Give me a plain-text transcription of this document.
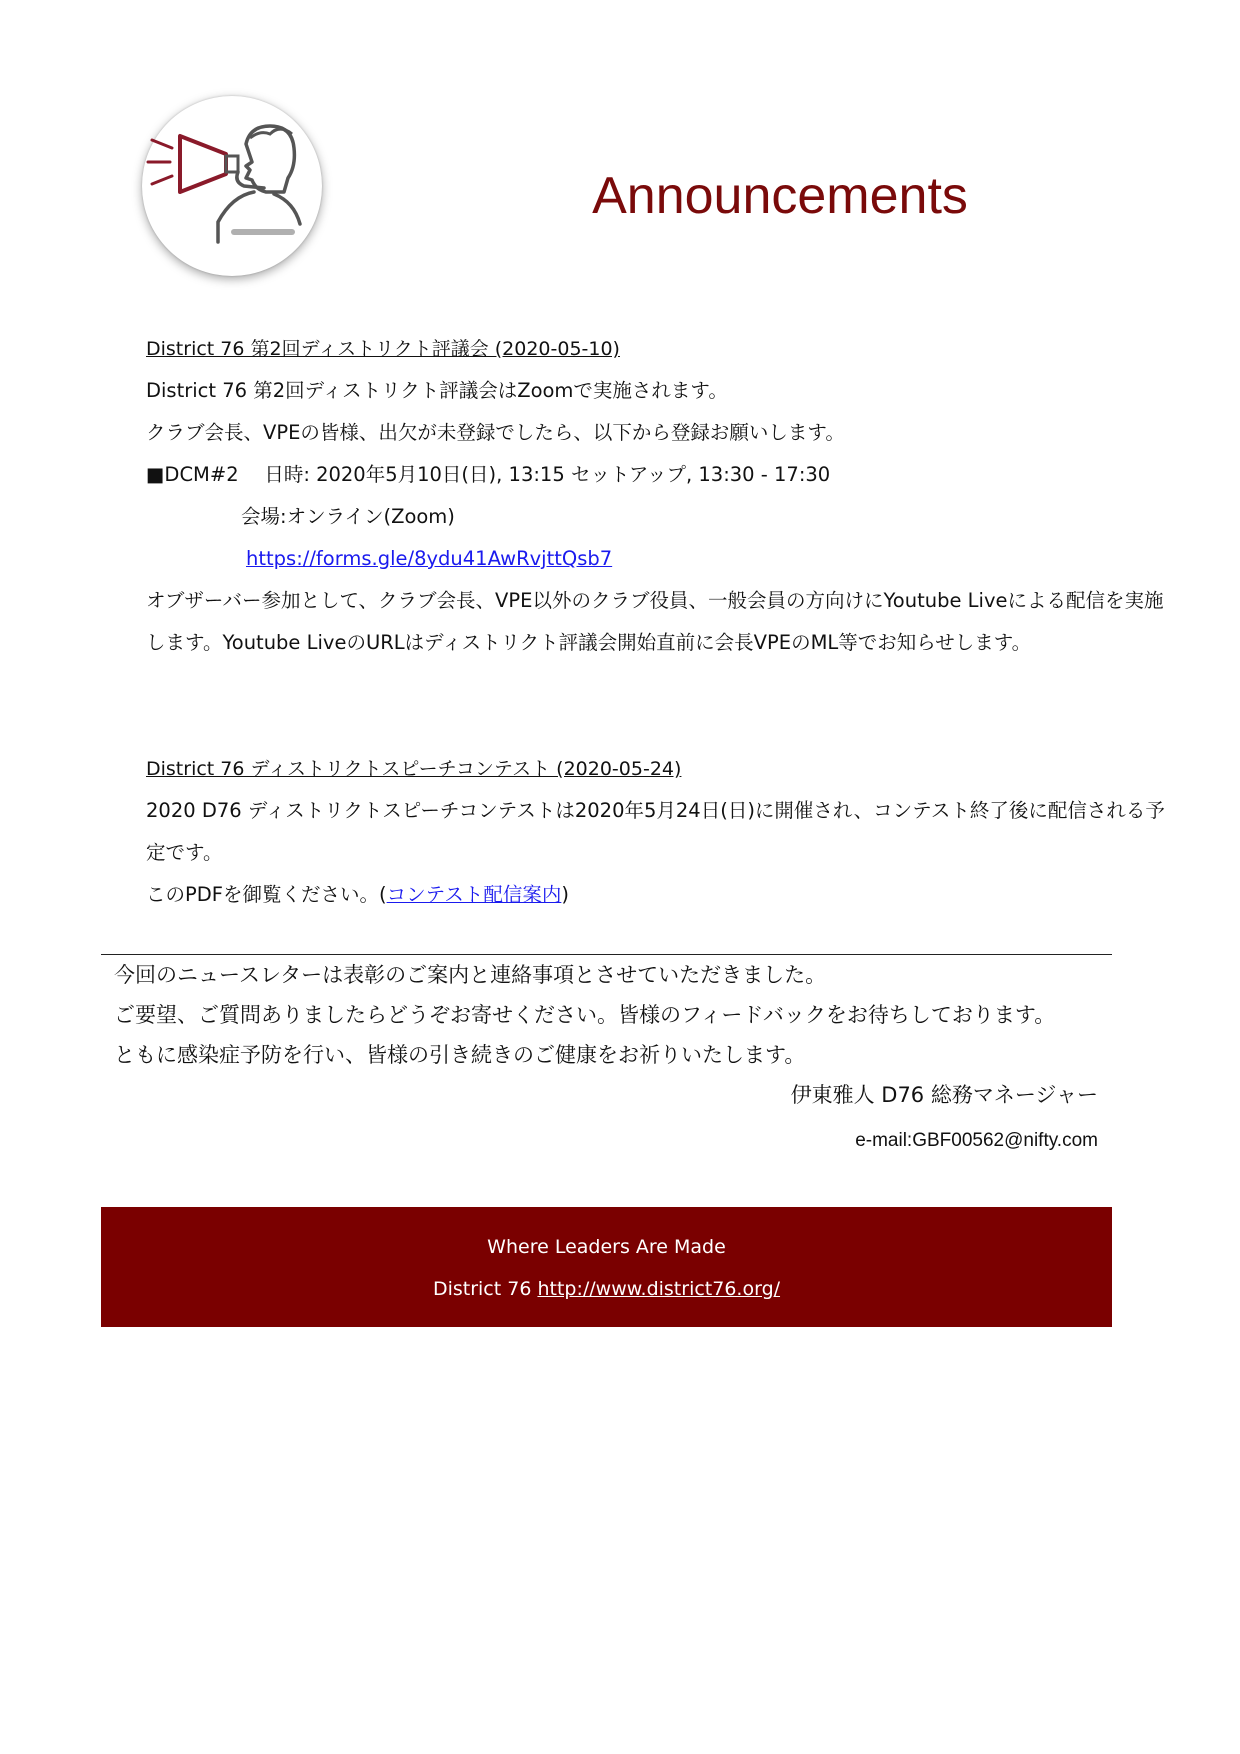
Announcements
District 76 第2回ディストリクト評議会 (2020-05-10)
District 76 第2回ディストリクト評議会はZoomで実施されます。
クラブ会長、VPEの皆様、出欠が未登録でしたら、以下から登録お願いします。
■DCM#2　 日時: 2020年5月10日(日), 13:15 セットアップ, 13:30 - 17:30
会場:オンライン(Zoom)
https://forms.gle/8ydu41AwRvjttQsb7
オブザーバー参加として、クラブ会長、VPE以外のクラブ役員、一般会員の方向けにYoutube Liveによる配信を実施します。Youtube LiveのURLはディストリクト評議会開始直前に会長VPEのML等でお知らせします。
District 76 ディストリクトスピーチコンテスト (2020-05-24)
2020 D76 ディストリクトスピーチコンテストは2020年5月24日(日)に開催され、コンテスト終了後に配信される予定です。
このPDFを御覧ください。(コンテスト配信案内)
今回のニュースレターは表彰のご案内と連絡事項とさせていただきました。
ご要望、ご質問ありましたらどうぞお寄せください。皆様のフィードバックをお待ちしております。
ともに感染症予防を行い、皆様の引き続きのご健康をお祈りいたします。
伊東雅人 D76 総務マネージャー
e-mail:GBF00562@nifty.com
Where Leaders Are Made
District 76 http://www.district76.org/
